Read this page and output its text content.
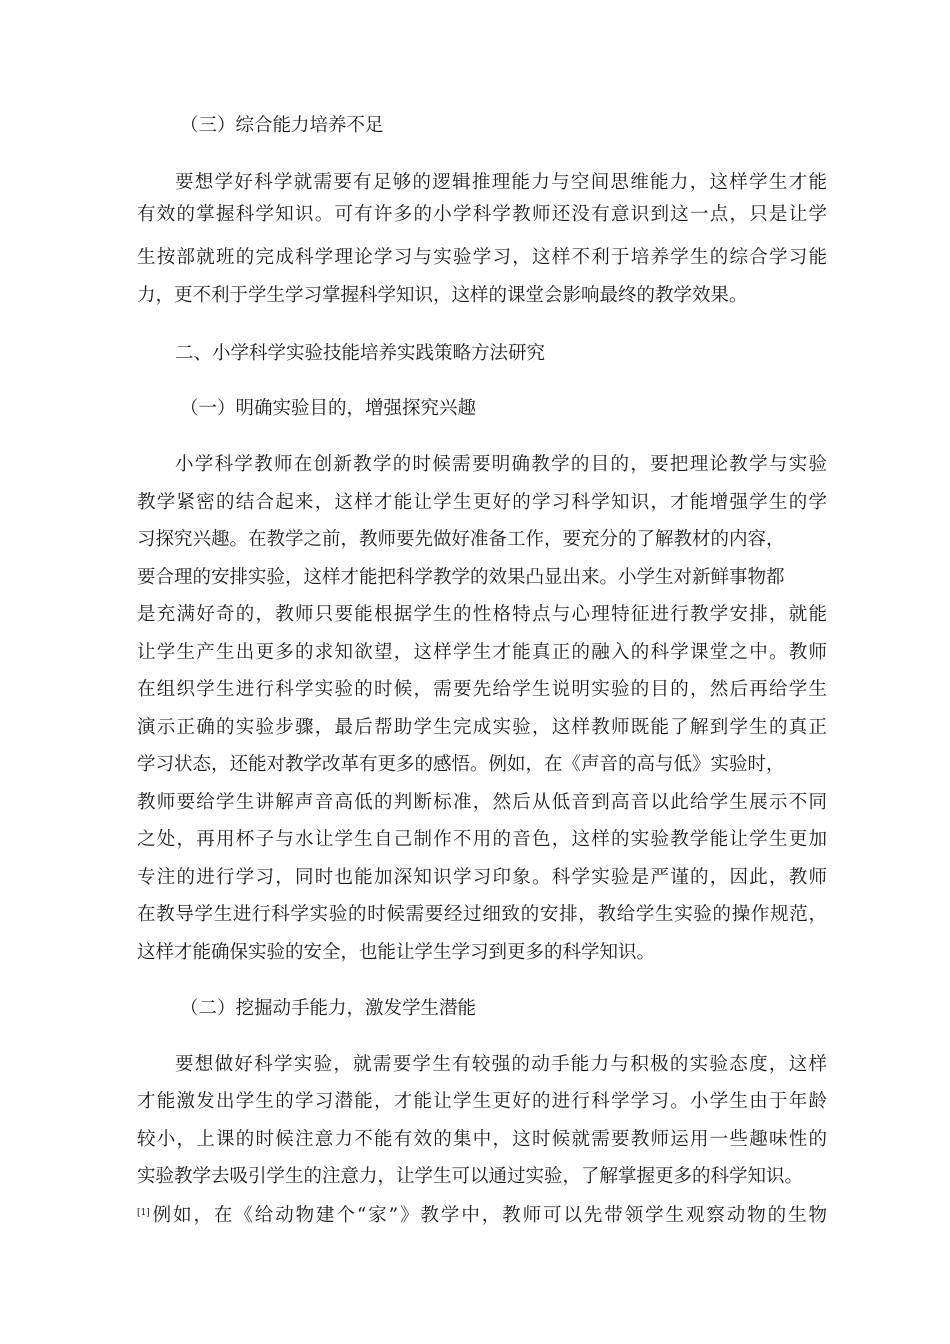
（三）综合能力培养不足
要想学好科学就需要有足够的逻辑推理能力与空间思维能力，这样学生才能
有效的掌握科学知识。可有许多的小学科学教师还没有意识到这一点，只是让学
生按部就班的完成科学理论学习与实验学习，这样不利于培养学生的综合学习能
力，更不利于学生学习掌握科学知识，这样的课堂会影响最终的教学效果。
二、小学科学实验技能培养实践策略方法研究
（一）明确实验目的，增强探究兴趣
小学科学教师在创新教学的时候需要明确教学的目的，要把理论教学与实验
教学紧密的结合起来，这样才能让学生更好的学习科学知识，才能增强学生的学
习探究兴趣。在教学之前，教师要先做好准备工作，要充分的了解教材的内容，
要合理的安排实验，这样才能把科学教学的效果凸显出来。小学生对新鲜事物都
是充满好奇的，教师只要能根据学生的性格特点与心理特征进行教学安排，就能
让学生产生出更多的求知欲望，这样学生才能真正的融入的科学课堂之中。教师
在组织学生进行科学实验的时候，需要先给学生说明实验的目的，然后再给学生
演示正确的实验步骤，最后帮助学生完成实验，这样教师既能了解到学生的真正
学习状态，还能对教学改革有更多的感悟。例如，在《声音的高与低》实验时，
教师要给学生讲解声音高低的判断标准，然后从低音到高音以此给学生展示不同
之处，再用杯子与水让学生自己制作不用的音色，这样的实验教学能让学生更加
专注的进行学习，同时也能加深知识学习印象。科学实验是严谨的，因此，教师
在教导学生进行科学实验的时候需要经过细致的安排，教给学生实验的操作规范，
这样才能确保实验的安全，也能让学生学习到更多的科学知识。
（二）挖掘动手能力，激发学生潜能
要想做好科学实验，就需要学生有较强的动手能力与积极的实验态度，这样
才能激发出学生的学习潜能，才能让学生更好的进行科学学习。小学生由于年龄
较小，上课的时候注意力不能有效的集中，这时候就需要教师运用一些趣味性的
实验教学去吸引学生的注意力，让学生可以通过实验，了解掌握更多的科学知识。
[1]例如，在《给动物建个“家”》教学中，教师可以先带领学生观察动物的生物
